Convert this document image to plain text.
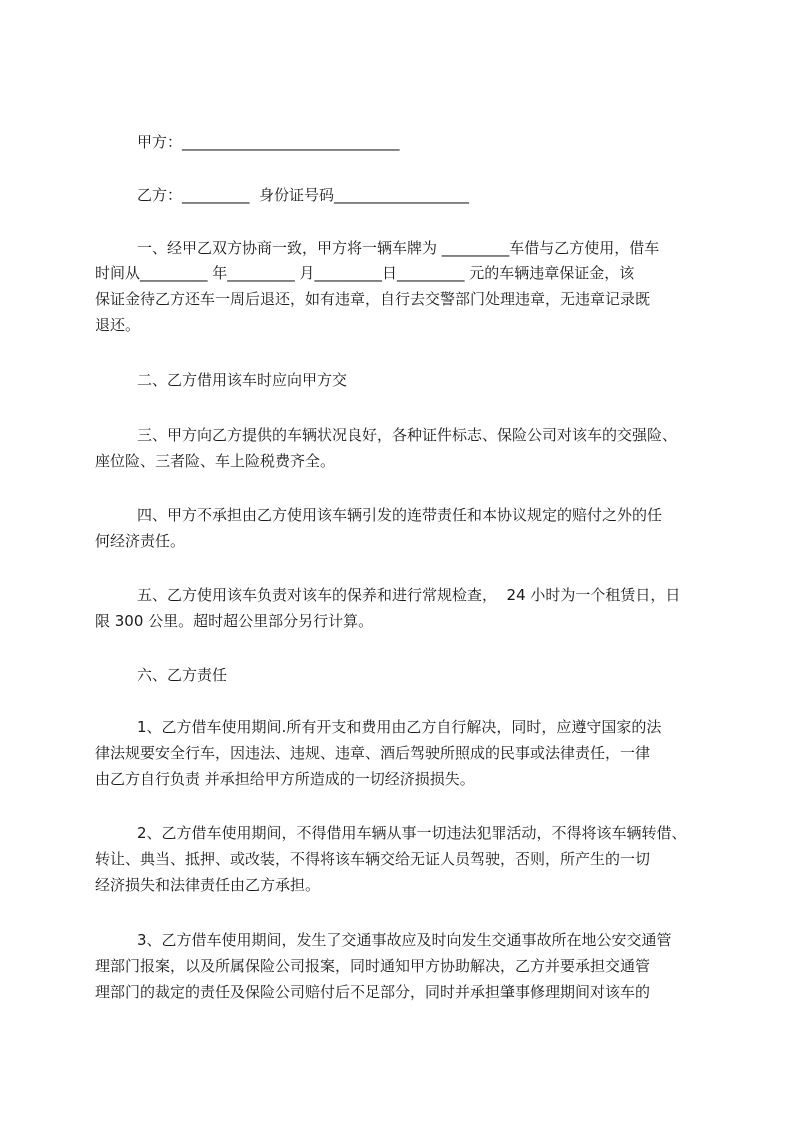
甲方：_____________________________

乙方：_________  身份证号码__________________

一、经甲乙双方协商一致，甲方将一辆车牌为 _________车借与乙方使用，借车

时间从_________ 年_________ 月_________日_________ 元的车辆违章保证金，该

保证金待乙方还车一周后退还，如有违章，自行去交警部门处理违章，无违章记录既

退还。

二、乙方借用该车时应向甲方交

三、甲方向乙方提供的车辆状况良好，各种证件标志、保险公司对该车的交强险、

座位险、三者险、车上险税费齐全。

四、甲方不承担由乙方使用该车辆引发的连带责任和本协议规定的赔付之外的任

何经济责任。

五、乙方使用该车负责对该车的保养和进行常规检查，  24 小时为一个租赁日，日

限 300 公里。超时超公里部分另行计算。

六、乙方责任

1、乙方借车使用期间.所有开支和费用由乙方自行解决，同时，应遵守国家的法

律法规要安全行车，因违法、违规、违章、酒后驾驶所照成的民事或法律责任，一律

由乙方自行负责 并承担给甲方所造成的一切经济损损失。

2、乙方借车使用期间，不得借用车辆从事一切违法犯罪活动，不得将该车辆转借、

转让、典当、抵押、或改装，不得将该车辆交给无证人员驾驶，否则，所产生的一切

经济损失和法律责任由乙方承担。

3、乙方借车使用期间，发生了交通事故应及时向发生交通事故所在地公安交通管

理部门报案，以及所属保险公司报案，同时通知甲方协助解决，乙方并要承担交通管

理部门的裁定的责任及保险公司赔付后不足部分，同时并承担肇事修理期间对该车的
